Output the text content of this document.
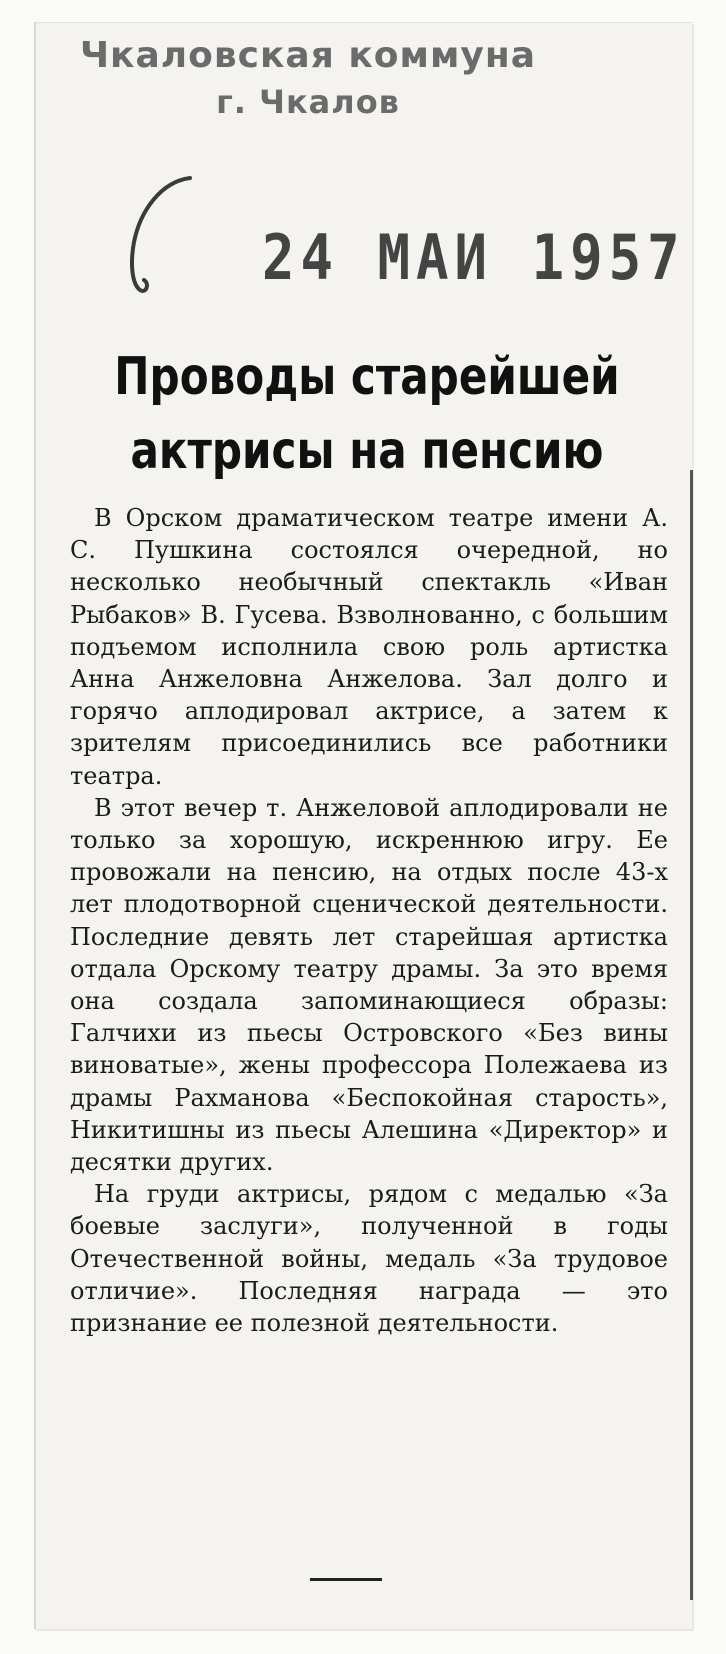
Чкаловская коммуна
г. Чкалов
24 МАИ 1957
Проводы старейшей актрисы на пенсию

В Орском драматическом театре имени А. С. Пушкина состоялся очередной, но несколько необычный спектакль «Иван Рыбаков» В. Гусева. Взволнованно, с большим подъемом исполнила свою роль артистка Анна Анжеловна Анжелова. Зал долго и горячо аплодировал актрисе, а затем к зрителям присоединились все работники театра.

В этот вечер т. Анжеловой аплодировали не только за хорошую, искреннюю игру. Ее провожали на пенсию, на отдых после 43-х лет плодотворной сценической деятельности. Последние девять лет старейшая артистка отдала Орскому театру драмы. За это время она создала запоминающиеся образы: Галчихи из пьесы Островского «Без вины виноватые», жены профессора Полежаева из драмы Рахманова «Беспокойная старость», Никитишны из пьесы Алешина «Директор» и десятки других.

На груди актрисы, рядом с медалью «За боевые заслуги», полученной в годы Отечественной войны, медаль «За трудовое отличие». Последняя награда — это признание ее полезной деятельности.
